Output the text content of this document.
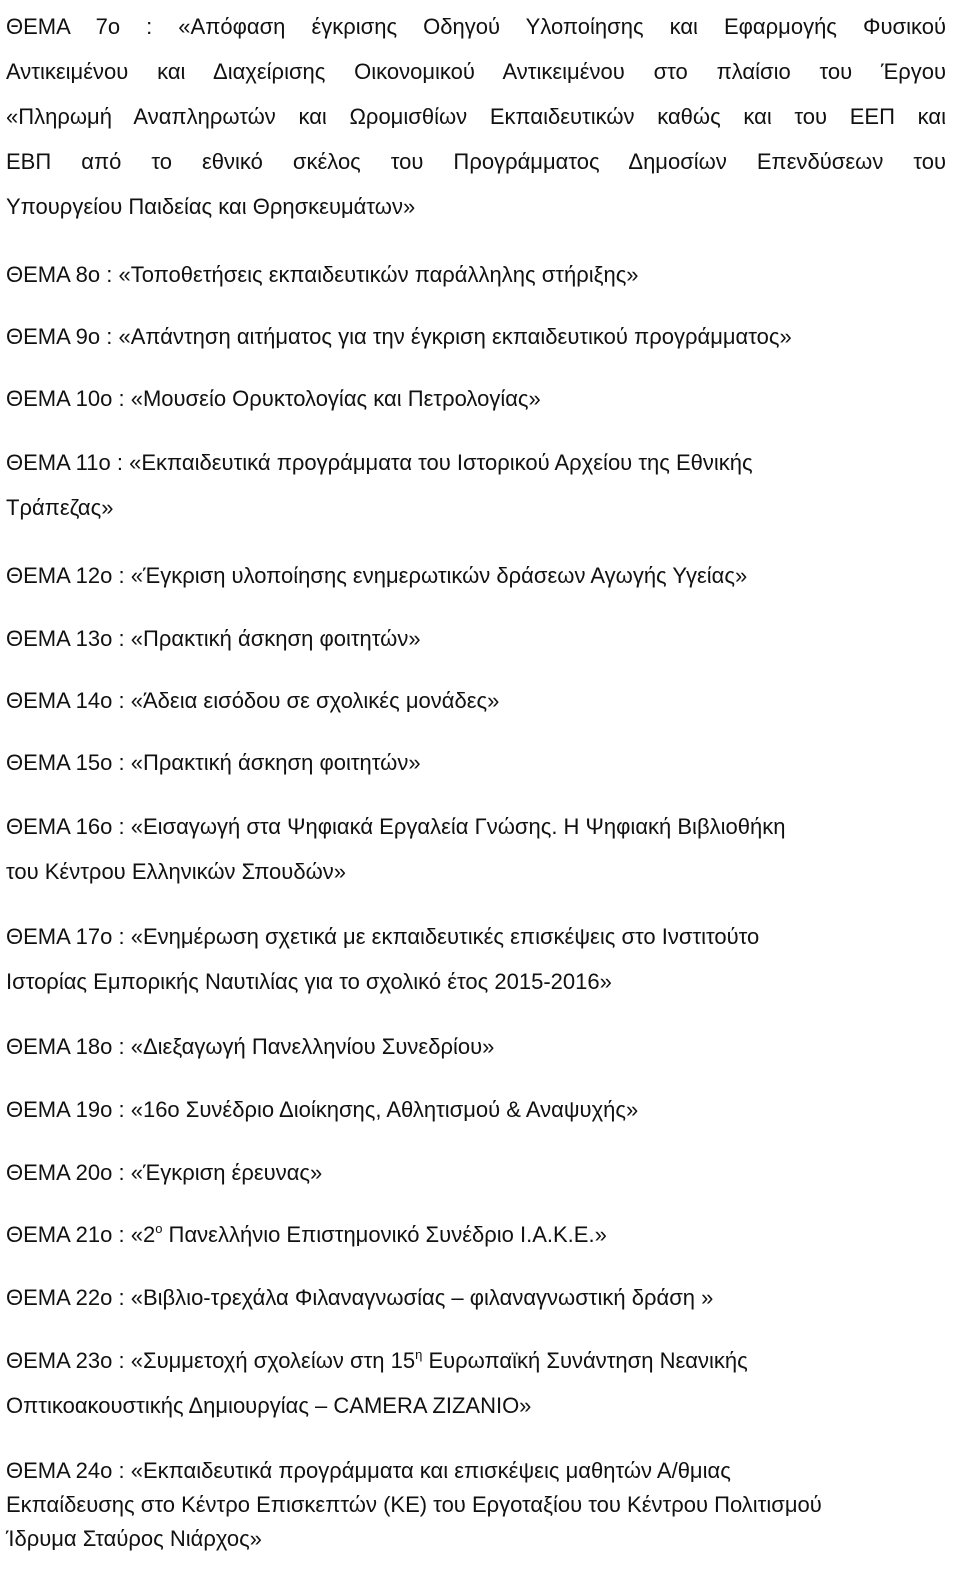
ΘΕΜΑ 7ο : «Απόφαση έγκρισης Οδηγού Υλοποίησης και Εφαρμογής Φυσικού
Αντικειμένου και Διαχείρισης Οικονομικού Αντικειμένου στο πλαίσιο του Έργου
«Πληρωμή Αναπληρωτών και Ωρομισθίων Εκπαιδευτικών καθώς και του ΕΕΠ και
ΕΒΠ από το εθνικό σκέλος του Προγράμματος Δημοσίων Επενδύσεων του
Υπουργείου Παιδείας και Θρησκευμάτων»
ΘΕΜΑ 8ο : «Τοποθετήσεις εκπαιδευτικών παράλληλης στήριξης»
ΘΕΜΑ 9ο : «Απάντηση αιτήματος για την έγκριση εκπαιδευτικού προγράμματος»
ΘΕΜΑ 10ο : «Μουσείο Ορυκτολογίας και Πετρολογίας»
ΘΕΜΑ 11ο : «Εκπαιδευτικά προγράμματα του Ιστορικού Αρχείου της Εθνικής
Τράπεζας»
ΘΕΜΑ 12ο : «Έγκριση υλοποίησης ενημερωτικών δράσεων Αγωγής Υγείας»
ΘΕΜΑ 13ο : «Πρακτική άσκηση φοιτητών»
ΘΕΜΑ 14ο : «Άδεια εισόδου σε σχολικές μονάδες»
ΘΕΜΑ 15ο : «Πρακτική άσκηση φοιτητών»
ΘΕΜΑ 16ο : «Εισαγωγή στα Ψηφιακά Εργαλεία Γνώσης. Η Ψηφιακή Βιβλιοθήκη
του Κέντρου Ελληνικών Σπουδών»
ΘΕΜΑ 17ο : «Ενημέρωση σχετικά με εκπαιδευτικές επισκέψεις στο Ινστιτούτο
Ιστορίας Εμπορικής Ναυτιλίας για το σχολικό έτος 2015-2016»
ΘΕΜΑ 18ο : «Διεξαγωγή Πανελληνίου Συνεδρίου»
ΘΕΜΑ 19ο : «16ο Συνέδριο Διοίκησης, Αθλητισμού & Αναψυχής»
ΘΕΜΑ 20ο : «Έγκριση έρευνας»
ΘΕΜΑ 21ο : «$2^o$ Πανελλήνιο Επιστημονικό Συνέδριο Ι.Α.Κ.Ε.»
ΘΕΜΑ 22ο : «Βιβλιο-τρεχάλα Φιλαναγνωσίας – φιλαναγνωστική δράση »
ΘΕΜΑ 23ο : «Συμμετοχή σχολείων στη $15^\eta$ Ευρωπαϊκή Συνάντηση Νεανικής
Οπτικοακουστικής Δημιουργίας – CAMERA ZIZANIO»
ΘΕΜΑ 24ο : «Εκπαιδευτικά προγράμματα και επισκέψεις μαθητών Α/θμιας
Εκπαίδευσης στο Κέντρο Επισκεπτών (ΚΕ) του Εργοταξίου του Κέντρου Πολιτισμού
Ίδρυμα Σταύρος Νιάρχος»
